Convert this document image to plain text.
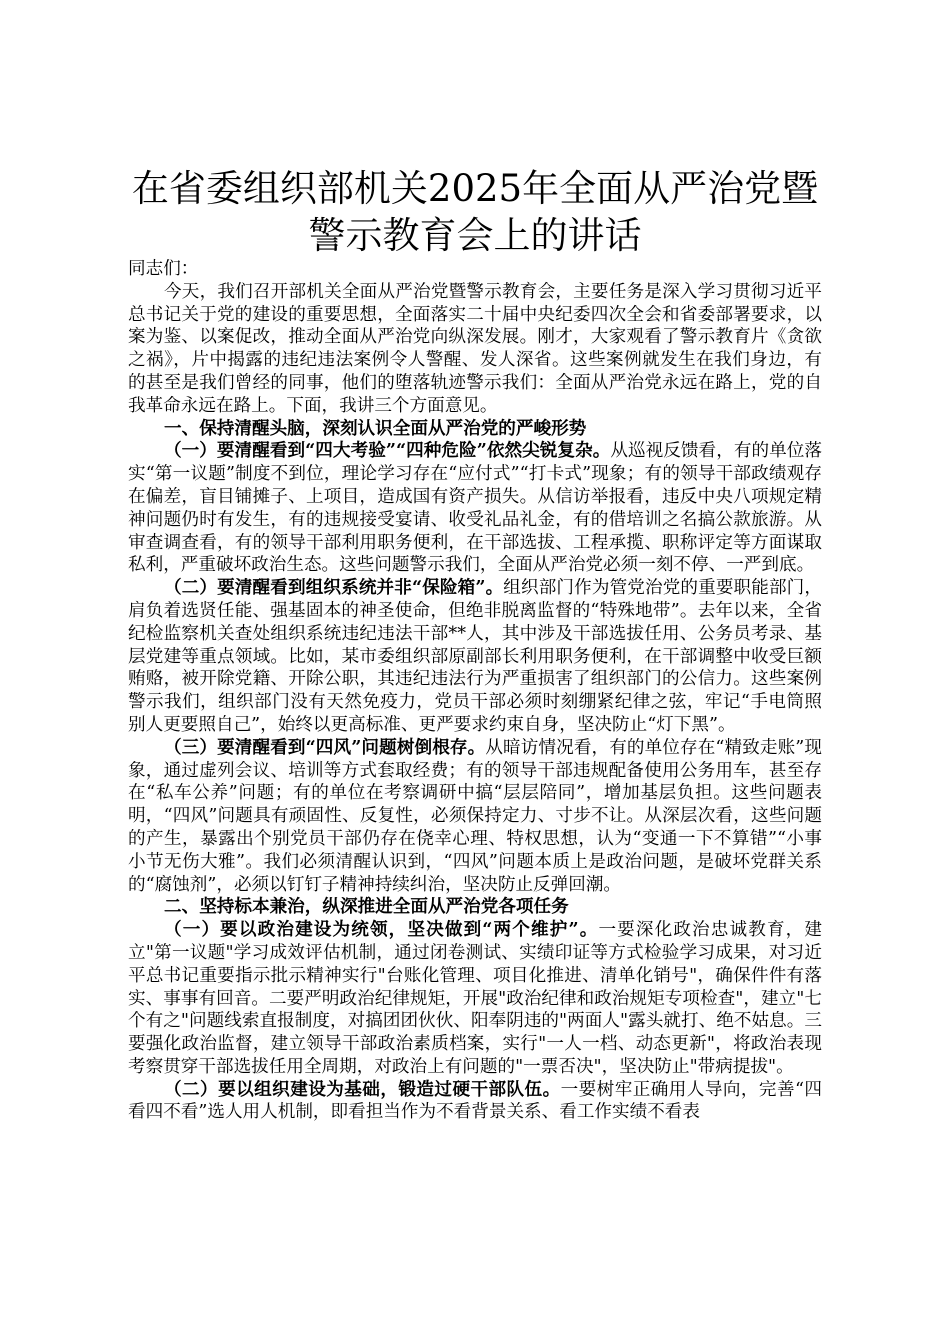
在省委组织部机关2025年全面从严治党暨警示教育会上的讲话

同志们：

今天，我们召开部机关全面从严治党暨警示教育会，主要任务是深入学习贯彻习近平总书记关于党的建设的重要思想，全面落实二十届中央纪委四次全会和省委部署要求，以案为鉴、以案促改，推动全面从严治党向纵深发展。刚才，大家观看了警示教育片《贪欲之祸》，片中揭露的违纪违法案例令人警醒、发人深省。这些案例就发生在我们身边，有的甚至是我们曾经的同事，他们的堕落轨迹警示我们：全面从严治党永远在路上，党的自我革命永远在路上。下面，我讲三个方面意见。

一、保持清醒头脑，深刻认识全面从严治党的严峻形势

（一）要清醒看到“四大考验”“四种危险”依然尖锐复杂。从巡视反馈看，有的单位落实“第一议题”制度不到位，理论学习存在“应付式”“打卡式”现象；有的领导干部政绩观存在偏差，盲目铺摊子、上项目，造成国有资产损失。从信访举报看，违反中央八项规定精神问题仍时有发生，有的违规接受宴请、收受礼品礼金，有的借培训之名搞公款旅游。从审查调查看，有的领导干部利用职务便利，在干部选拔、工程承揽、职称评定等方面谋取私利，严重破坏政治生态。这些问题警示我们，全面从严治党必须一刻不停、一严到底。

（二）要清醒看到组织系统并非“保险箱”。组织部门作为管党治党的重要职能部门，肩负着选贤任能、强基固本的神圣使命，但绝非脱离监督的“特殊地带”。去年以来，全省纪检监察机关查处组织系统违纪违法干部**人，其中涉及干部选拔任用、公务员考录、基层党建等重点领域。比如，某市委组织部原副部长利用职务便利，在干部调整中收受巨额贿赂，被开除党籍、开除公职，其违纪违法行为严重损害了组织部门的公信力。这些案例警示我们，组织部门没有天然免疫力，党员干部必须时刻绷紧纪律之弦，牢记“手电筒照别人更要照自己”，始终以更高标准、更严要求约束自身，坚决防止“灯下黑”。

（三）要清醒看到“四风”问题树倒根存。从暗访情况看，有的单位存在“精致走账”现象，通过虚列会议、培训等方式套取经费；有的领导干部违规配备使用公务用车，甚至存在“私车公养”问题；有的单位在考察调研中搞“层层陪同”，增加基层负担。这些问题表明，“四风”问题具有顽固性、反复性，必须保持定力、寸步不让。从深层次看，这些问题的产生，暴露出个别党员干部仍存在侥幸心理、特权思想，认为“变通一下不算错”“小事小节无伤大雅”。我们必须清醒认识到，“四风”问题本质上是政治问题，是破坏党群关系的“腐蚀剂”，必须以钉钉子精神持续纠治，坚决防止反弹回潮。

二、坚持标本兼治，纵深推进全面从严治党各项任务

（一）要以政治建设为统领，坚决做到“两个维护”。一要深化政治忠诚教育，建立"第一议题"学习成效评估机制，通过闭卷测试、实绩印证等方式检验学习成果，对习近平总书记重要指示批示精神实行"台账化管理、项目化推进、清单化销号"，确保件件有落实、事事有回音。二要严明政治纪律规矩，开展"政治纪律和政治规矩专项检查"，建立"七个有之"问题线索直报制度，对搞团团伙伙、阳奉阴违的"两面人"露头就打、绝不姑息。三要强化政治监督，建立领导干部政治素质档案，实行"一人一档、动态更新"，将政治表现考察贯穿干部选拔任用全周期，对政治上有问题的"一票否决"，坚决防止"带病提拔"。

（二）要以组织建设为基础，锻造过硬干部队伍。一要树牢正确用人导向，完善“四看四不看”选人用人机制，即看担当作为不看背景关系、看工作实绩不看表
